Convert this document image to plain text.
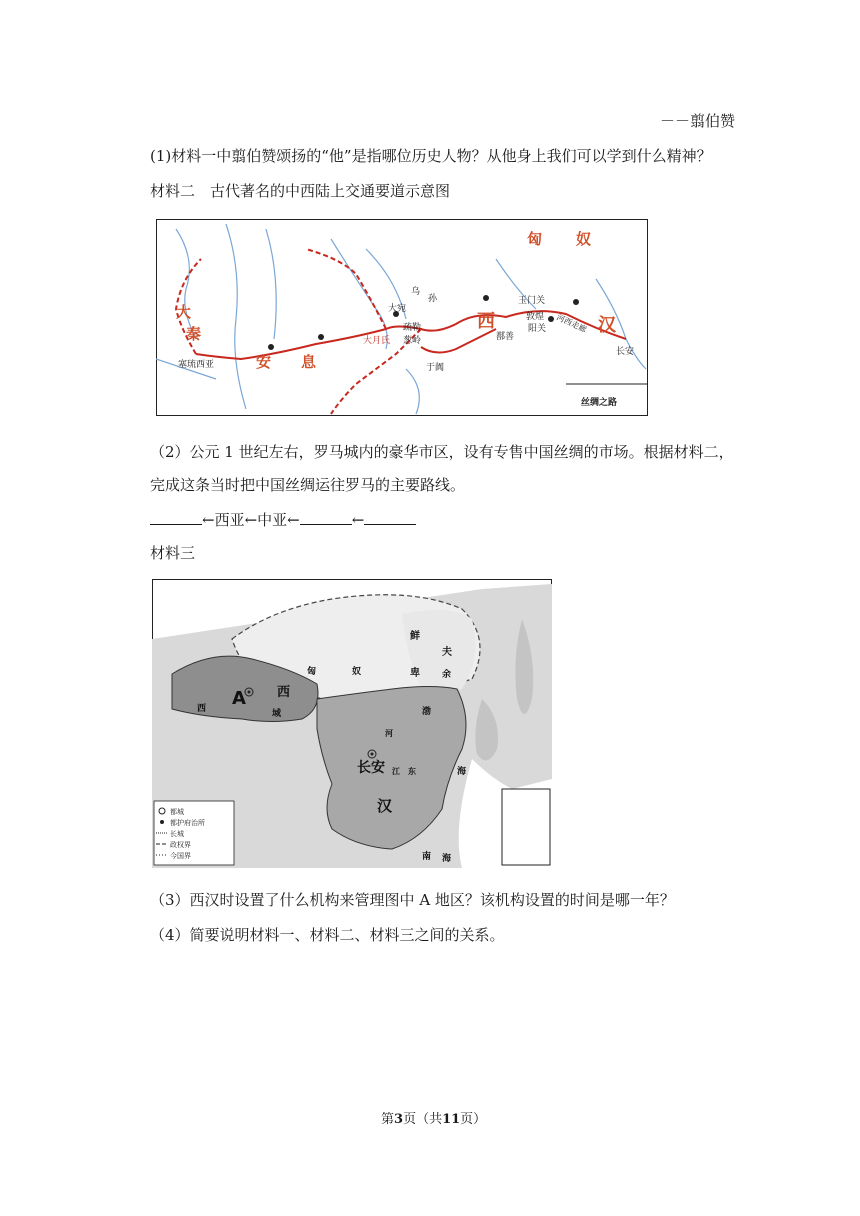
－－翦伯赞
(1)材料一中翦伯赞颂扬的“他”是指哪位历史人物？从他身上我们可以学到什么精神？
材料二　古代著名的中西陆上交通要道示意图
大
秦
安 息
匈 奴
西	汉
乌
孙
大宛
疏勒
葱岭
于阗
鄯善
玉门关
敦煌
阳关 河西走廊
长安
塞琉西亚
大月氏
丝绸之路
（2）公元 1 世纪左右，罗马城内的豪华市区，设有专售中国丝绸的市场。根据材料二，
完成这条当时把中国丝绸运往罗马的主要路线。
←西亚←中亚←	←
材料三
都城
都护府治所
长城
政权界
今国界
A 西
域
西
匈	奴
鲜
卑
夫
余
长安
汉
江 东	海
渤
河
南 海
（3）西汉时设置了什么机构来管理图中 A 地区？该机构设置的时间是哪一年？
（4）简要说明材料一、材料二、材料三之间的关系。
第3页（共11页）
